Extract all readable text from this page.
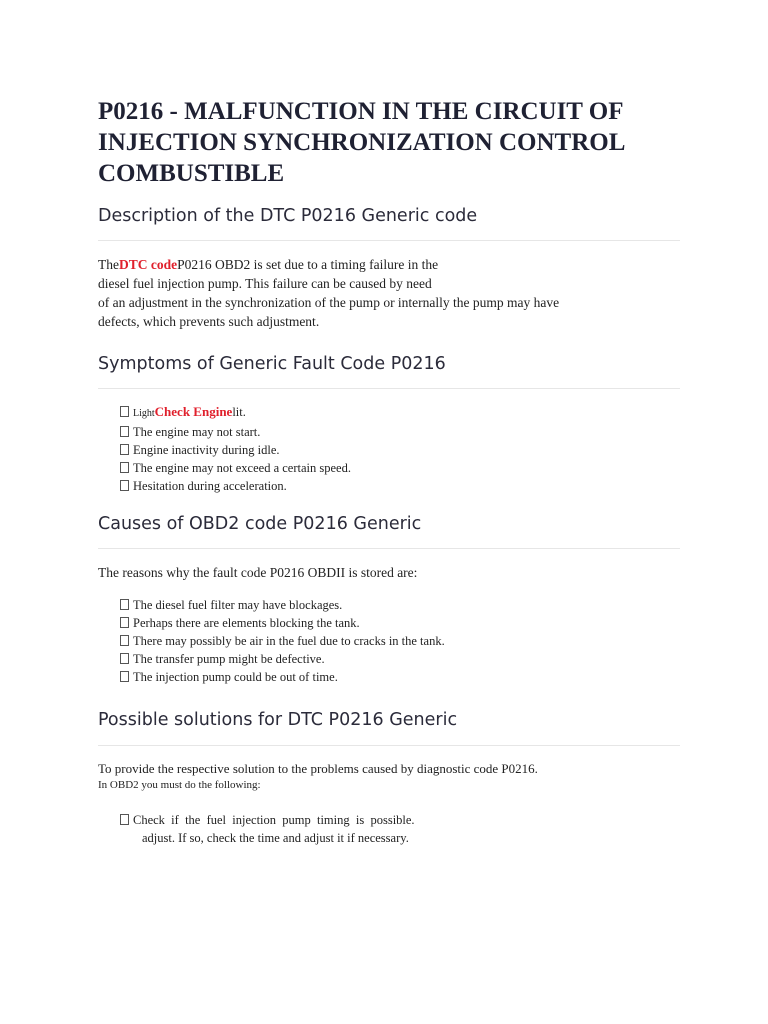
P0216 - MALFUNCTION IN THE CIRCUIT OF
INJECTION SYNCHRONIZATION CONTROL
COMBUSTIBLE
Description of the DTC P0216 Generic code

TheDTC codeP0216 OBD2 is set due to a timing failure in the
diesel fuel injection pump. This failure can be caused by need

of an adjustment in the synchronization of the pump or internally the pump may have
defects, which prevents such adjustment.

Symptoms of Generic Fault Code P0216
LightCheck Enginelit.
The engine may not start.
Engine inactivity during idle.
The engine may not exceed a certain speed.
Hesitation during acceleration.
Causes of OBD2 code P0216 Generic

The reasons why the fault code P0216 OBDII is stored are:

The diesel fuel filter may have blockages.
Perhaps there are elements blocking the tank.
There may possibly be air in the fuel due to cracks in the tank.
The transfer pump might be defective.
The injection pump could be out of time.
Possible solutions for DTC P0216 Generic

To provide the respective solution to the problems caused by diagnostic code P0216.

In OBD2 you must do the following:

Check  if  the  fuel  injection  pump  timing  is  possible.
adjust. If so, check the time and adjust it if necessary.
